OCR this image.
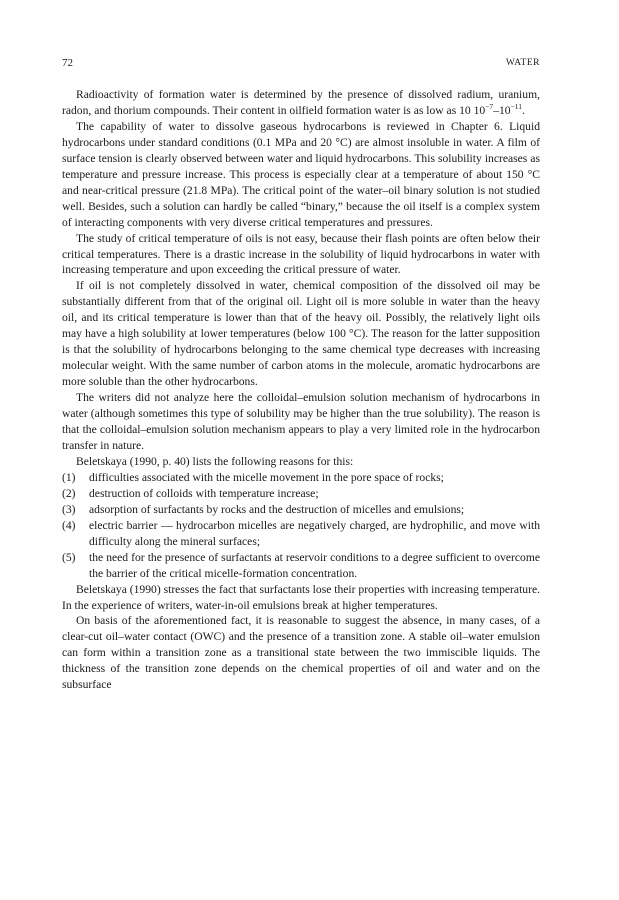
72	WATER

Radioactivity of formation water is determined by the presence of dissolved radium, uranium, radon, and thorium compounds. Their content in oilfield formation water is as low as 10 $10^{-7}-10^{-11}$.

The capability of water to dissolve gaseous hydrocarbons is reviewed in Chapter 6. Liquid hydrocarbons under standard conditions (0.1 MPa and 20 °C) are almost insoluble in water. A film of surface tension is clearly observed between water and liquid hydrocarbons. This solubility increases as temperature and pressure increase. This process is especially clear at a temperature of about 150 °C and near-critical pressure (21.8 MPa). The critical point of the water–oil binary solution is not studied well. Besides, such a solution can hardly be called “binary,” because the oil itself is a complex system of interacting components with very diverse critical temperatures and pressures.

The study of critical temperature of oils is not easy, because their flash points are often below their critical temperatures. There is a drastic increase in the solubility of liquid hydrocarbons in water with increasing temperature and upon exceeding the critical pressure of water.

If oil is not completely dissolved in water, chemical composition of the dissolved oil may be substantially different from that of the original oil. Light oil is more soluble in water than the heavy oil, and its critical temperature is lower than that of the heavy oil. Possibly, the relatively light oils may have a high solubility at lower temperatures (below 100 °C). The reason for the latter supposition is that the solubility of hydrocarbons belonging to the same chemical type decreases with increasing molecular weight. With the same number of carbon atoms in the molecule, aromatic hydrocarbons are more soluble than the other hydrocarbons.

The writers did not analyze here the colloidal–emulsion solution mechanism of hydrocarbons in water (although sometimes this type of solubility may be higher than the true solubility). The reason is that the colloidal–emulsion solution mechanism appears to play a very limited role in the hydrocarbon transfer in nature.

Beletskaya (1990, p. 40) lists the following reasons for this:

(1) difficulties associated with the micelle movement in the pore space of rocks;
(2) destruction of colloids with temperature increase;
(3) adsorption of surfactants by rocks and the destruction of micelles and emulsions;
(4) electric barrier — hydrocarbon micelles are negatively charged, are hydrophilic, and move with difficulty along the mineral surfaces;
(5) the need for the presence of surfactants at reservoir conditions to a degree sufficient to overcome the barrier of the critical micelle-formation concentration.

Beletskaya (1990) stresses the fact that surfactants lose their properties with increasing temperature. In the experience of writers, water-in-oil emulsions break at higher temperatures.

On basis of the aforementioned fact, it is reasonable to suggest the absence, in many cases, of a clear-cut oil–water contact (OWC) and the presence of a transition zone. A stable oil–water emulsion can form within a transition zone as a transitional state between the two immiscible liquids. The thickness of the transition zone depends on the chemical properties of oil and water and on the subsurface
